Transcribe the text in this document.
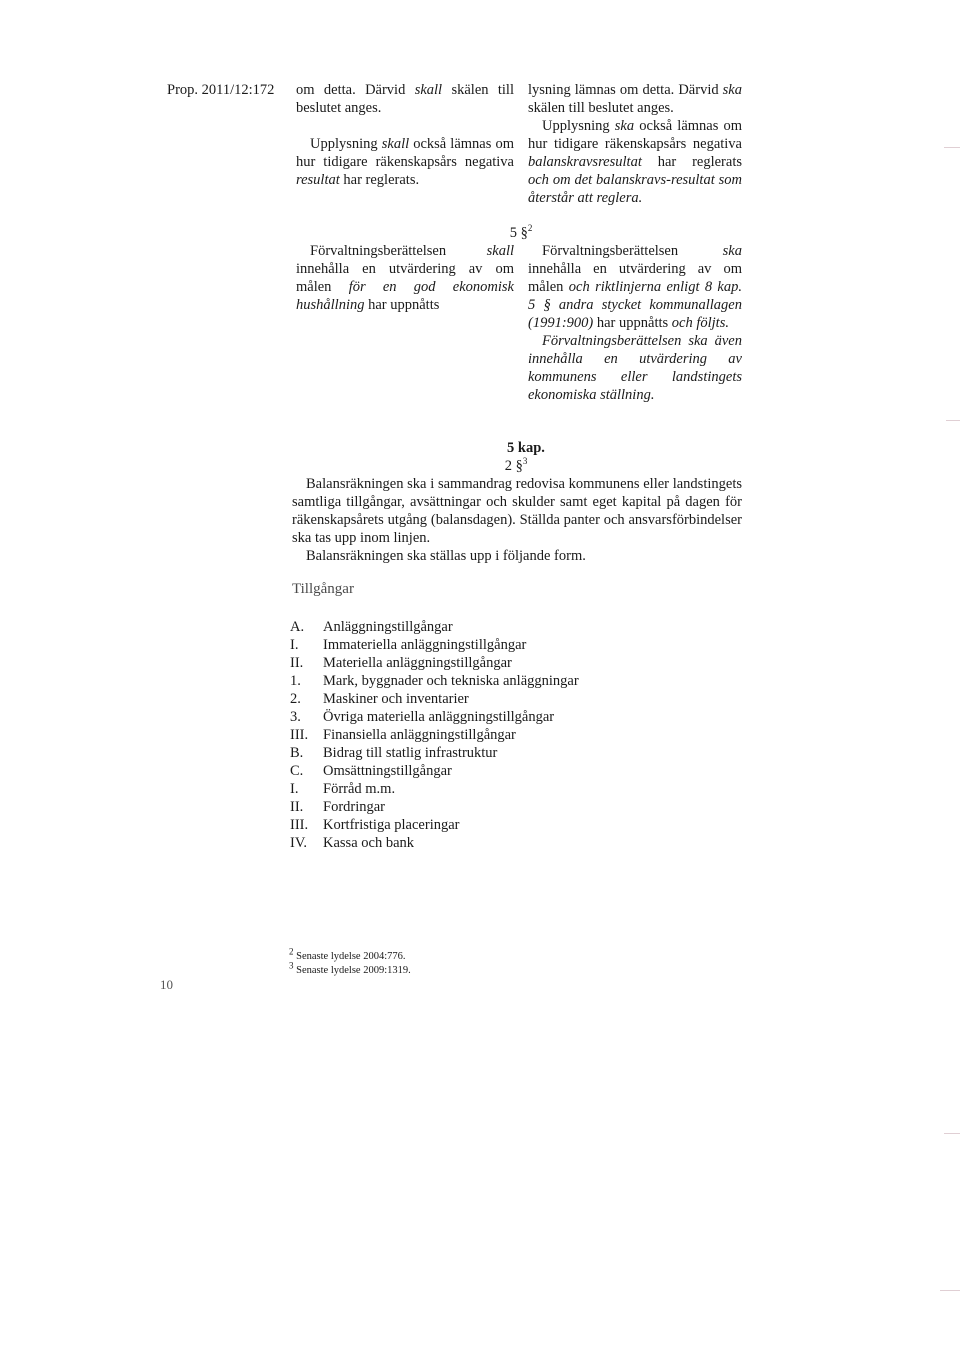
Prop. 2011/12:172 om detta. Därvid skall skälen till beslutet anges.

Upplysning skall också lämnas om hur tidigare räkenskapsårs negativa resultat har reglerats.

lysning lämnas om detta. Därvid ska skälen till beslutet anges.

Upplysning ska också lämnas om hur tidigare räkenskapsårs negativa balanskravsresultat har reglerats och om det balanskravs-resultat som återstår att reglera.

5 §$^2$

Förvaltningsberättelsen skall innehålla en utvärdering av om målen för en god ekonomisk hushållning har uppnåtts

Förvaltningsberättelsen ska innehålla en utvärdering av om målen och riktlinjerna enligt 8 kap. 5 § andra stycket kommunallagen (1991:900) har uppnåtts och följts.

Förvaltningsberättelsen ska även innehålla en utvärdering av kommunens eller landstingets ekonomiska ställning.

5 kap.
2 §$^3$

Balansräkningen ska i sammandrag redovisa kommunens eller landstingets samtliga tillgångar, avsättningar och skulder samt eget kapital på dagen för räkenskapsårets utgång (balansdagen). Ställda panter och ansvarsförbindelser ska tas upp inom linjen.

Balansräkningen ska ställas upp i följande form.

Tillgångar
A.	Anläggningstillgångar
I.	Immateriella anläggningstillgångar
II.	Materiella anläggningstillgångar
1.	Mark, byggnader och tekniska anläggningar
2.	Maskiner och inventarier
3.	Övriga materiella anläggningstillgångar
III.	Finansiella anläggningstillgångar
B.	Bidrag till statlig infrastruktur
C.	Omsättningstillgångar
I.	Förråd m.m.
II.	Fordringar
III.	Kortfristiga placeringar
IV.	Kassa och bank
$^2$ Senaste lydelse 2004:776.
$^3$ Senaste lydelse 2009:1319.
10
